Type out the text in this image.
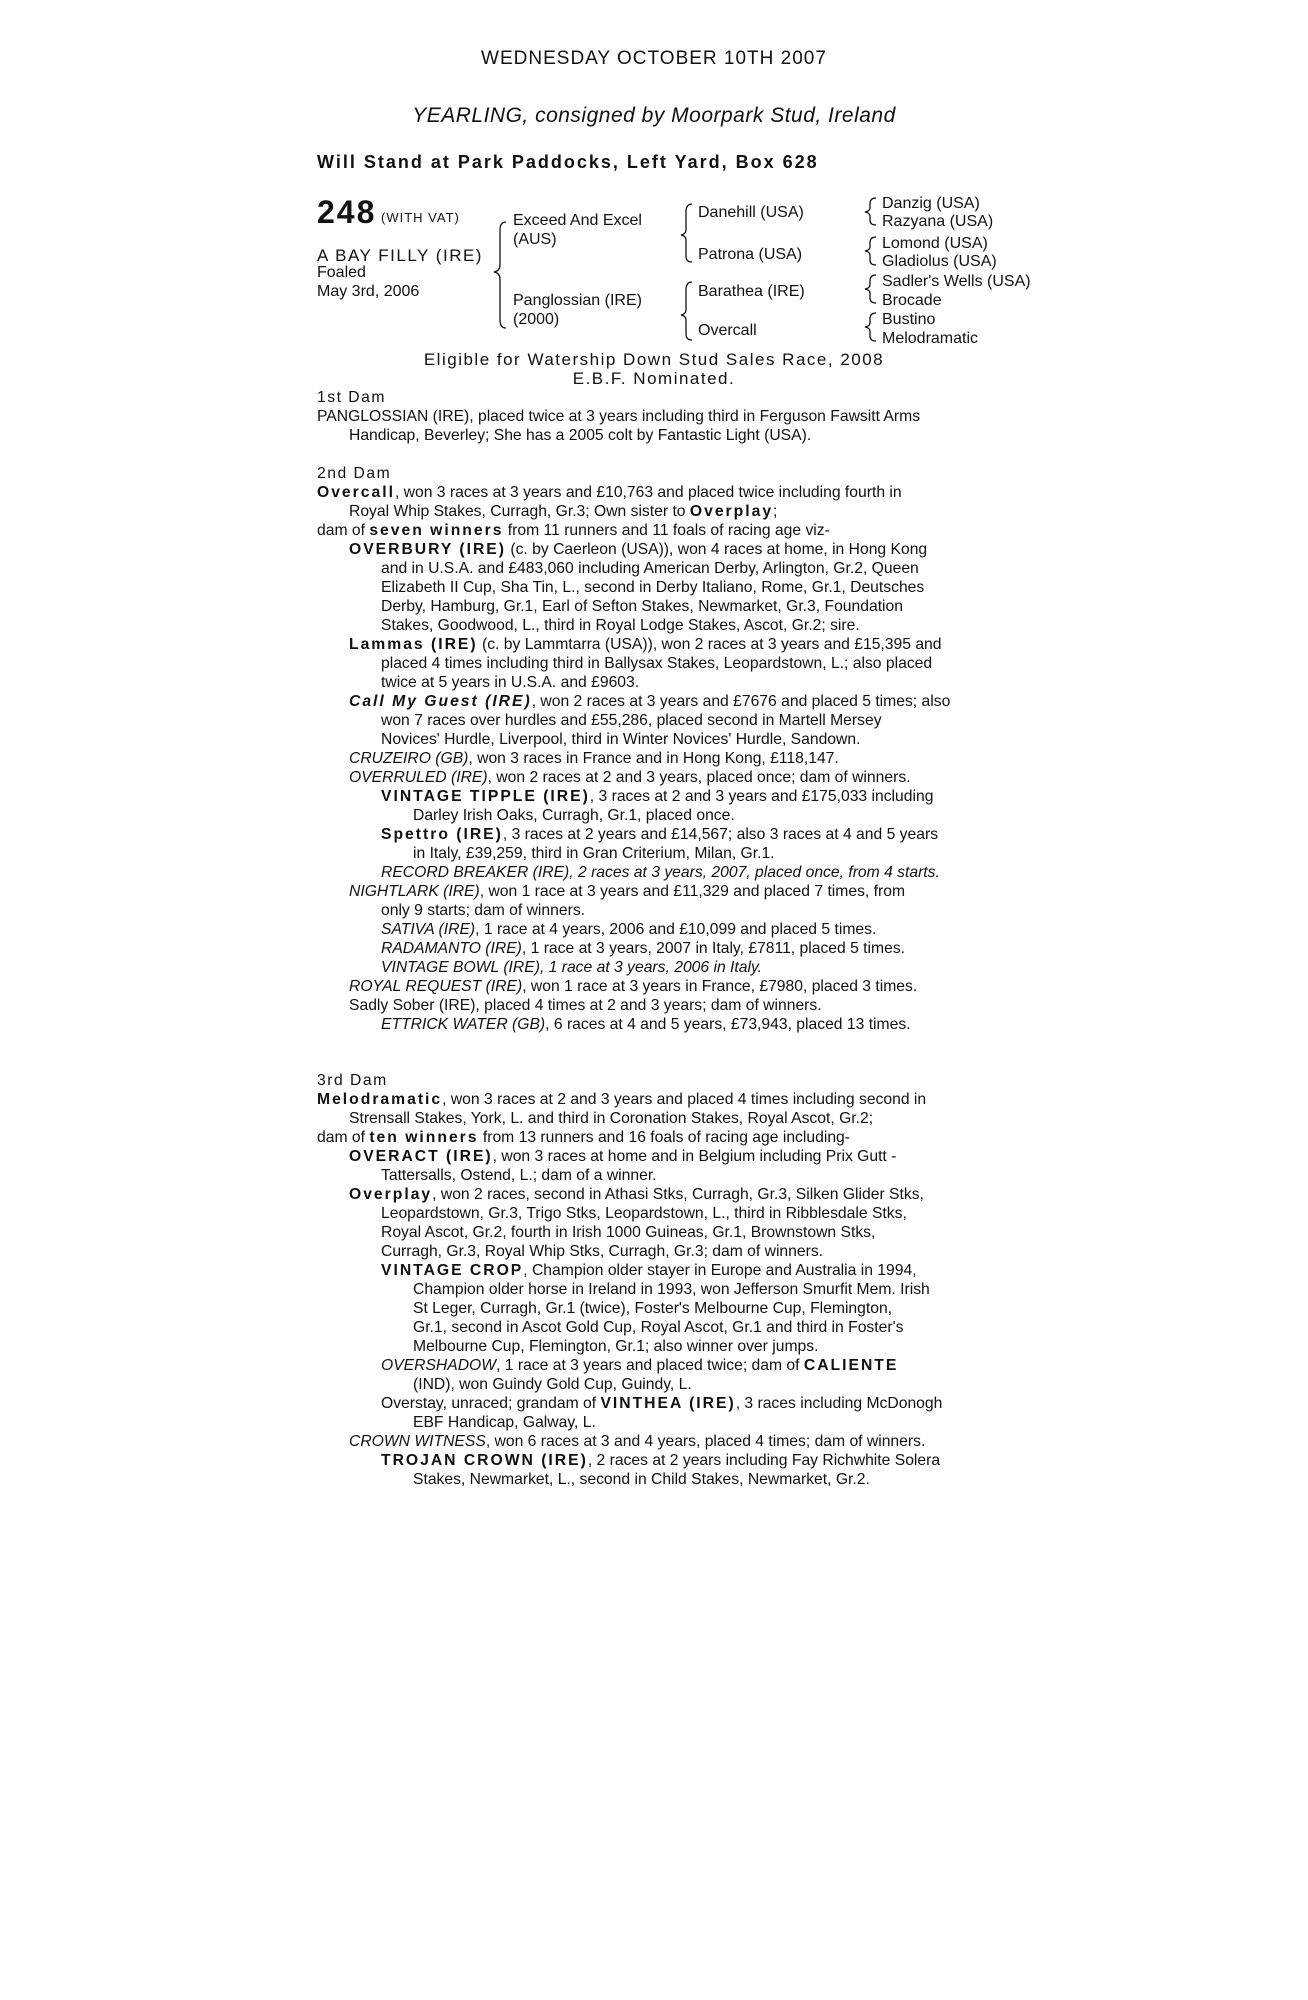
WEDNESDAY OCTOBER 10TH 2007
YEARLING, consigned by Moorpark Stud, Ireland
Will Stand at Park Paddocks, Left Yard, Box 628
248 (WITH VAT)
A BAY FILLY (IRE)
Foaled
May 3rd, 2006
Exceed And Excel
(AUS)
Panglossian (IRE)
(2000)
Danehill (USA)
Patrona (USA)
Barathea (IRE)
Overcall
Danzig (USA)
Razyana (USA)
Lomond (USA)
Gladiolus (USA)
Sadler's Wells (USA)
Brocade
Bustino
Melodramatic
Eligible for Watership Down Stud Sales Race, 2008
E.B.F. Nominated.
1st Dam
PANGLOSSIAN (IRE), placed twice at 3 years including third in Ferguson Fawsitt Arms
Handicap, Beverley; She has a 2005 colt by Fantastic Light (USA).
2nd Dam
Overcall, won 3 races at 3 years and £10,763 and placed twice including fourth in
Royal Whip Stakes, Curragh, Gr.3; Own sister to Overplay;
dam of seven winners from 11 runners and 11 foals of racing age viz-
OVERBURY (IRE) (c. by Caerleon (USA)), won 4 races at home, in Hong Kong
and in U.S.A. and £483,060 including American Derby, Arlington, Gr.2, Queen
Elizabeth II Cup, Sha Tin, L., second in Derby Italiano, Rome, Gr.1, Deutsches
Derby, Hamburg, Gr.1, Earl of Sefton Stakes, Newmarket, Gr.3, Foundation
Stakes, Goodwood, L., third in Royal Lodge Stakes, Ascot, Gr.2; sire.
Lammas (IRE) (c. by Lammtarra (USA)), won 2 races at 3 years and £15,395 and
placed 4 times including third in Ballysax Stakes, Leopardstown, L.; also placed
twice at 5 years in U.S.A. and £9603.
Call My Guest (IRE), won 2 races at 3 years and £7676 and placed 5 times; also
won 7 races over hurdles and £55,286, placed second in Martell Mersey
Novices' Hurdle, Liverpool, third in Winter Novices' Hurdle, Sandown.
CRUZEIRO (GB), won 3 races in France and in Hong Kong, £118,147.
OVERRULED (IRE), won 2 races at 2 and 3 years, placed once; dam of winners.
VINTAGE TIPPLE (IRE), 3 races at 2 and 3 years and £175,033 including
Darley Irish Oaks, Curragh, Gr.1, placed once.
Spettro (IRE), 3 races at 2 years and £14,567; also 3 races at 4 and 5 years
in Italy, £39,259, third in Gran Criterium, Milan, Gr.1.
RECORD BREAKER (IRE), 2 races at 3 years, 2007, placed once, from 4 starts.
NIGHTLARK (IRE), won 1 race at 3 years and £11,329 and placed 7 times, from
only 9 starts; dam of winners.
SATIVA (IRE), 1 race at 4 years, 2006 and £10,099 and placed 5 times.
RADAMANTO (IRE), 1 race at 3 years, 2007 in Italy, £7811, placed 5 times.
VINTAGE BOWL (IRE), 1 race at 3 years, 2006 in Italy.
ROYAL REQUEST (IRE), won 1 race at 3 years in France, £7980, placed 3 times.
Sadly Sober (IRE), placed 4 times at 2 and 3 years; dam of winners.
ETTRICK WATER (GB), 6 races at 4 and 5 years, £73,943, placed 13 times.
3rd Dam
Melodramatic, won 3 races at 2 and 3 years and placed 4 times including second in
Strensall Stakes, York, L. and third in Coronation Stakes, Royal Ascot, Gr.2;
dam of ten winners from 13 runners and 16 foals of racing age including-
OVERACT (IRE), won 3 races at home and in Belgium including Prix Gutt -
Tattersalls, Ostend, L.; dam of a winner.
Overplay, won 2 races, second in Athasi Stks, Curragh, Gr.3, Silken Glider Stks,
Leopardstown, Gr.3, Trigo Stks, Leopardstown, L., third in Ribblesdale Stks,
Royal Ascot, Gr.2, fourth in Irish 1000 Guineas, Gr.1, Brownstown Stks,
Curragh, Gr.3, Royal Whip Stks, Curragh, Gr.3; dam of winners.
VINTAGE CROP, Champion older stayer in Europe and Australia in 1994,
Champion older horse in Ireland in 1993, won Jefferson Smurfit Mem. Irish
St Leger, Curragh, Gr.1 (twice), Foster's Melbourne Cup, Flemington,
Gr.1, second in Ascot Gold Cup, Royal Ascot, Gr.1 and third in Foster's
Melbourne Cup, Flemington, Gr.1; also winner over jumps.
OVERSHADOW, 1 race at 3 years and placed twice; dam of CALIENTE
(IND), won Guindy Gold Cup, Guindy, L.
Overstay, unraced; grandam of VINTHEA (IRE), 3 races including McDonogh
EBF Handicap, Galway, L.
CROWN WITNESS, won 6 races at 3 and 4 years, placed 4 times; dam of winners.
TROJAN CROWN (IRE), 2 races at 2 years including Fay Richwhite Solera
Stakes, Newmarket, L., second in Child Stakes, Newmarket, Gr.2.
